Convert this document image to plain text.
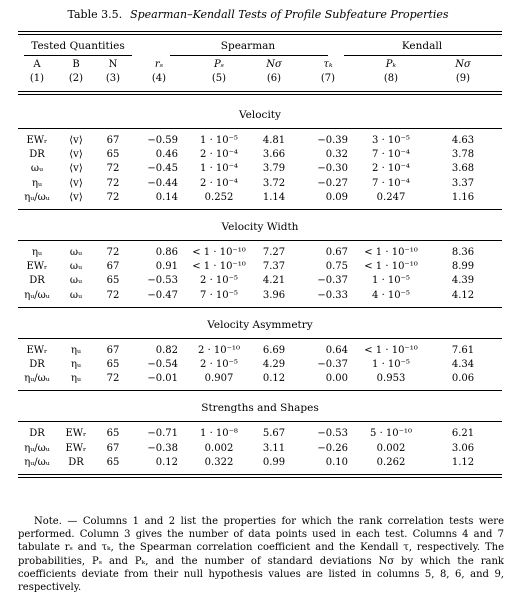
Table 3.5. Spearman–Kendall Tests of Profile Subfeature Properties
Tested Quantities	Spearman	Kendall
A	B	N	rₛ	Pₛ	Nσ	τₖ	Pₖ	Nσ
(1)	(2)	(3)	(4)	(5)	(6)	(7)	(8)	(9)
Velocity
EWᵣ	⟨v⟩	67	−0.59	1 · 10⁻⁵	4.81	−0.39	3 · 10⁻⁵	4.63
DR	⟨v⟩	65	0.46	2 · 10⁻⁴	3.66	0.32	7 · 10⁻⁴	3.78
ωᵤ	⟨v⟩	72	−0.45	1 · 10⁻⁴	3.79	−0.30	2 · 10⁻⁴	3.68
ηᵤ	⟨v⟩	72	−0.44	2 · 10⁻⁴	3.72	−0.27	7 · 10⁻⁴	3.37
ηᵤ/ωᵤ	⟨v⟩	72	0.14	0.252	1.14	0.09	0.247	1.16
Velocity Width
ηᵤ	ωᵤ	72	0.86	< 1 · 10⁻¹⁰	7.27	0.67	< 1 · 10⁻¹⁰	8.36
EWᵣ	ωᵤ	67	0.91	< 1 · 10⁻¹⁰	7.37	0.75	< 1 · 10⁻¹⁰	8.99
DR	ωᵤ	65	−0.53	2 · 10⁻⁵	4.21	−0.37	1 · 10⁻⁵	4.39
ηᵤ/ωᵤ	ωᵤ	72	−0.47	7 · 10⁻⁵	3.96	−0.33	4 · 10⁻⁵	4.12
Velocity Asymmetry
EWᵣ	ηᵤ	67	0.82	2 · 10⁻¹⁰	6.69	0.64	< 1 · 10⁻¹⁰	7.61
DR	ηᵤ	65	−0.54	2 · 10⁻⁵	4.29	−0.37	1 · 10⁻⁵	4.34
ηᵤ/ωᵤ	ηᵤ	72	−0.01	0.907	0.12	0.00	0.953	0.06
Strengths and Shapes
DR	EWᵣ	65	−0.71	1 · 10⁻⁸	5.67	−0.53	5 · 10⁻¹⁰	6.21
ηᵤ/ωᵤ	EWᵣ	67	−0.38	0.002	3.11	−0.26	0.002	3.06
ηᵤ/ωᵤ	DR	65	0.12	0.322	0.99	0.10	0.262	1.12
Note. — Columns 1 and 2 list the properties for which the rank correlation tests were performed. Column 3 gives the number of data points used in each test. Columns 4 and 7 tabulate rₛ and τₖ, the Spearman correlation coefficient and the Kendall τ, respectively. The probabilities, Pₛ and Pₖ, and the number of standard deviations Nσ by which the rank coefficients deviate from their null hypothesis values are listed in columns 5, 8, 6, and 9, respectively.
